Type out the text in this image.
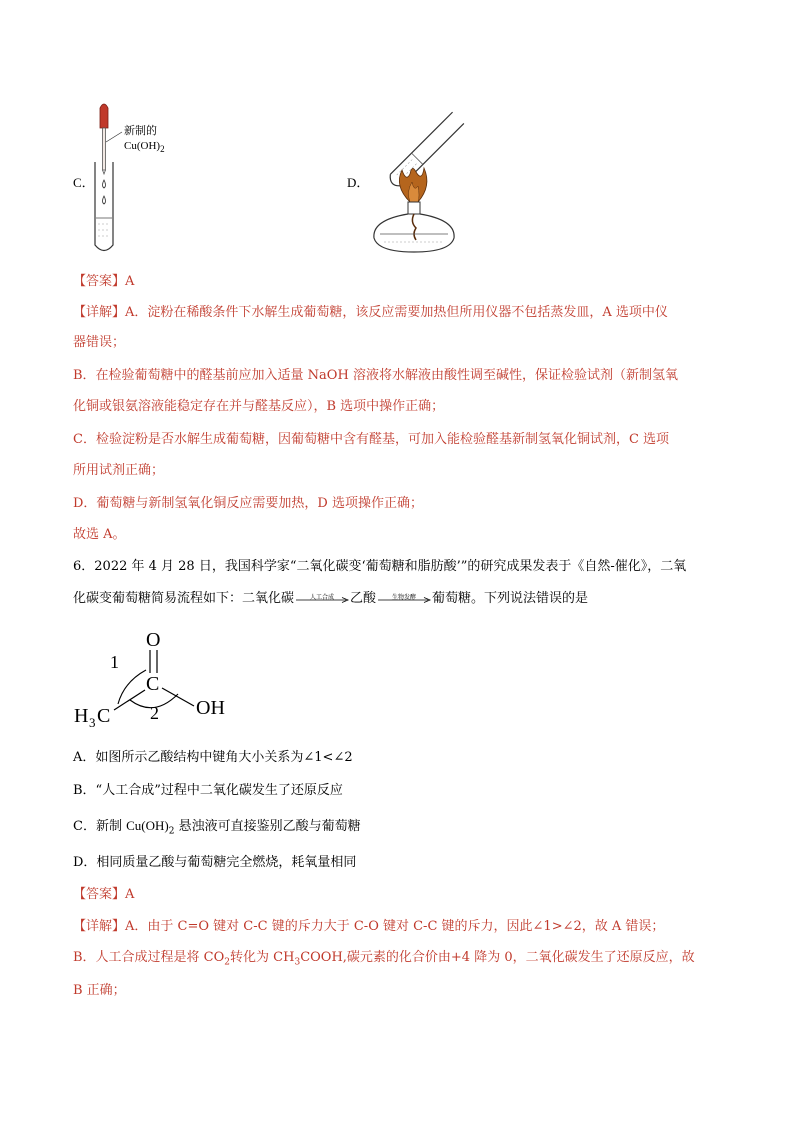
C．
新制的
$Cu(OH)_2$
D．
【答案】A
【详解】A．淀粉在稀酸条件下水解生成葡萄糖，该反应需要加热但所用仪器不包括蒸发皿，A 选项中仪
器错误；
B．在检验葡萄糖中的醛基前应加入适量 NaOH 溶液将水解液由酸性调至碱性，保证检验试剂（新制氢氧
化铜或银氨溶液能稳定存在并与醛基反应），B 选项中操作正确；
C．检验淀粉是否水解生成葡萄糖，因葡萄糖中含有醛基，可加入能检验醛基新制氢氧化铜试剂，C 选项
所用试剂正确；
D．葡萄糖与新制氢氧化铜反应需要加热，D 选项操作正确；
故选 A。
6．2022 年 4 月 28 日，我国科学家“二氧化碳变‘葡萄糖和脂肪酸’”的研究成果发表于《自然-催化》，二氧
化碳变葡萄糖简易流程如下：二氧化碳	人工合成	乙酸	生物发酵	葡萄糖。下列说法错误的是
O
C
OH
H 3 C
1
2
A．如图所示乙酸结构中键角大小关系为∠1<∠2
B．“人工合成”过程中二氧化碳发生了还原反应
C．新制 $Cu(OH)_2$ 悬浊液可直接鉴别乙酸与葡萄糖
D．相同质量乙酸与葡萄糖完全燃烧，耗氧量相同
【答案】A
【详解】A．由于 C=O 键对 C-C 键的斥力大于 C-O 键对 C-C 键的斥力，因此∠1>∠2，故 A 错误；
B．人工合成过程是将 $CO_2$转化为 $CH_3COOH$,碳元素的化合价由+4 降为 0，二氧化碳发生了还原反应，故
B 正确；
